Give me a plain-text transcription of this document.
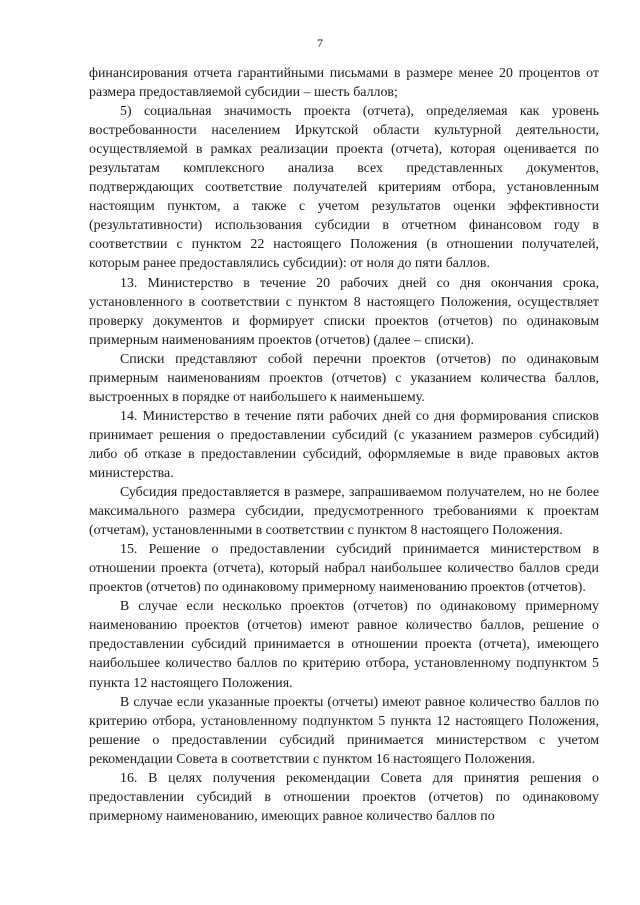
7

финансирования отчета гарантийными письмами в размере менее 20 процентов от размера предоставляемой субсидии – шесть баллов;

5) социальная значимость проекта (отчета), определяемая как уровень востребованности населением Иркутской области культурной деятельности, осуществляемой в рамках реализации проекта (отчета), которая оценивается по результатам комплексного анализа всех представленных документов, подтверждающих соответствие получателей критериям отбора, установленным настоящим пунктом, а также с учетом результатов оценки эффективности (результативности) использования субсидии в отчетном финансовом году в соответствии с пунктом 22 настоящего Положения (в отношении получателей, которым ранее предоставлялись субсидии): от ноля до пяти баллов.

13. Министерство в течение 20 рабочих дней со дня окончания срока, установленного в соответствии с пунктом 8 настоящего Положения, осуществляет проверку документов и формирует списки проектов (отчетов) по одинаковым примерным наименованиям проектов (отчетов) (далее – списки).

Списки представляют собой перечни проектов (отчетов) по одинаковым примерным наименованиям проектов (отчетов) с указанием количества баллов, выстроенных в порядке от наибольшего к наименьшему.

14. Министерство в течение пяти рабочих дней со дня формирования списков принимает решения о предоставлении субсидий (с указанием размеров субсидий) либо об отказе в предоставлении субсидий, оформляемые в виде правовых актов министерства.

Субсидия предоставляется в размере, запрашиваемом получателем, но не более максимального размера субсидии, предусмотренного требованиями к проектам (отчетам), установленными в соответствии с пунктом 8 настоящего Положения.

15. Решение о предоставлении субсидий принимается министерством в отношении проекта (отчета), который набрал наибольшее количество баллов среди проектов (отчетов) по одинаковому примерному наименованию проектов (отчетов).

В случае если несколько проектов (отчетов) по одинаковому примерному наименованию проектов (отчетов) имеют равное количество баллов, решение о предоставлении субсидий принимается в отношении проекта (отчета), имеющего наибольшее количество баллов по критерию отбора, установленному подпунктом 5 пункта 12 настоящего Положения.

В случае если указанные проекты (отчеты) имеют равное количество баллов по критерию отбора, установленному подпунктом 5 пункта 12 настоящего Положения, решение о предоставлении субсидий принимается министерством с учетом рекомендации Совета в соответствии с пунктом 16 настоящего Положения.

16. В целях получения рекомендации Совета для принятия решения о предоставлении субсидий в отношении проектов (отчетов) по одинаковому примерному наименованию, имеющих равное количество баллов по
